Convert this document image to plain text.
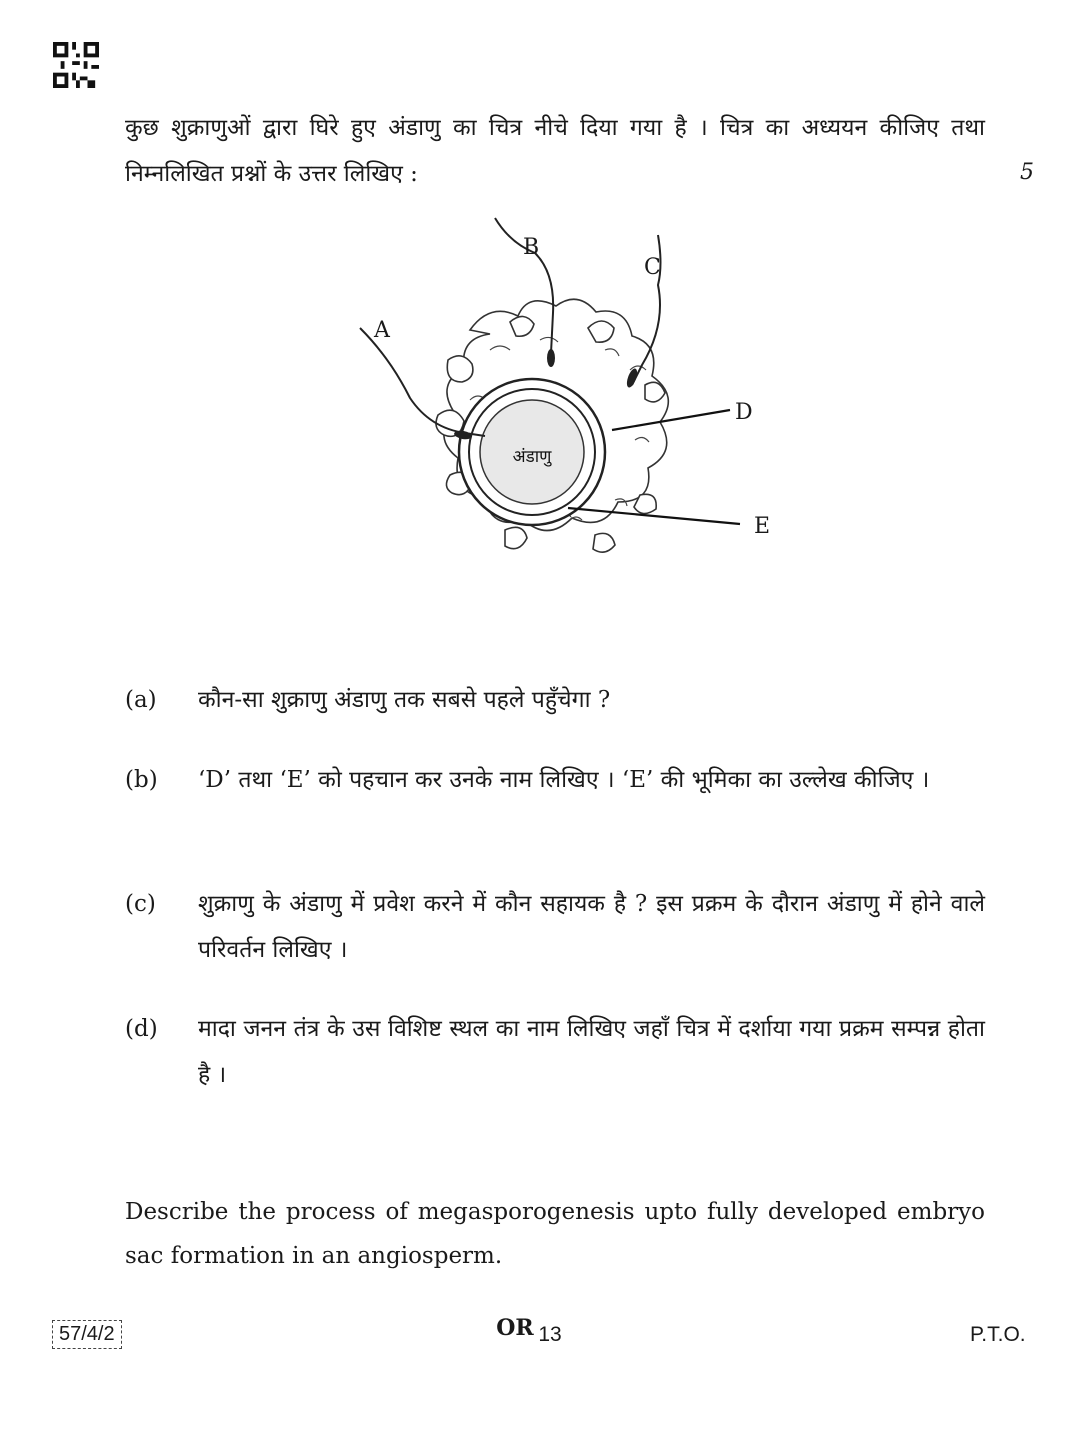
कुछ शुक्राणुओं द्वारा घिरे हुए अंडाणु का चित्र नीचे दिया गया है । चित्र का अध्ययन कीजिए तथा निम्नलिखित प्रश्नों के उत्तर लिखिए :	5
अंडाणु
A
B
C
D
E
(a)	कौन-सा शुक्राणु अंडाणु तक सबसे पहले पहुँचेगा ?
(b)	‘D’ तथा ‘E’ को पहचान कर उनके नाम लिखिए । ‘E’ की भूमिका का उल्लेख कीजिए ।
(c)	शुक्राणु के अंडाणु में प्रवेश करने में कौन सहायक है ? इस प्रक्रम के दौरान अंडाणु में होने वाले परिवर्तन लिखिए ।
(d)	मादा जनन तंत्र के उस विशिष्ट स्थल का नाम लिखिए जहाँ चित्र में दर्शाया गया प्रक्रम सम्पन्न होता है ।
Describe the process of megasporogenesis upto fully developed embryo sac formation in an angiosperm.
OR
57/4/2	13	P.T.O.
